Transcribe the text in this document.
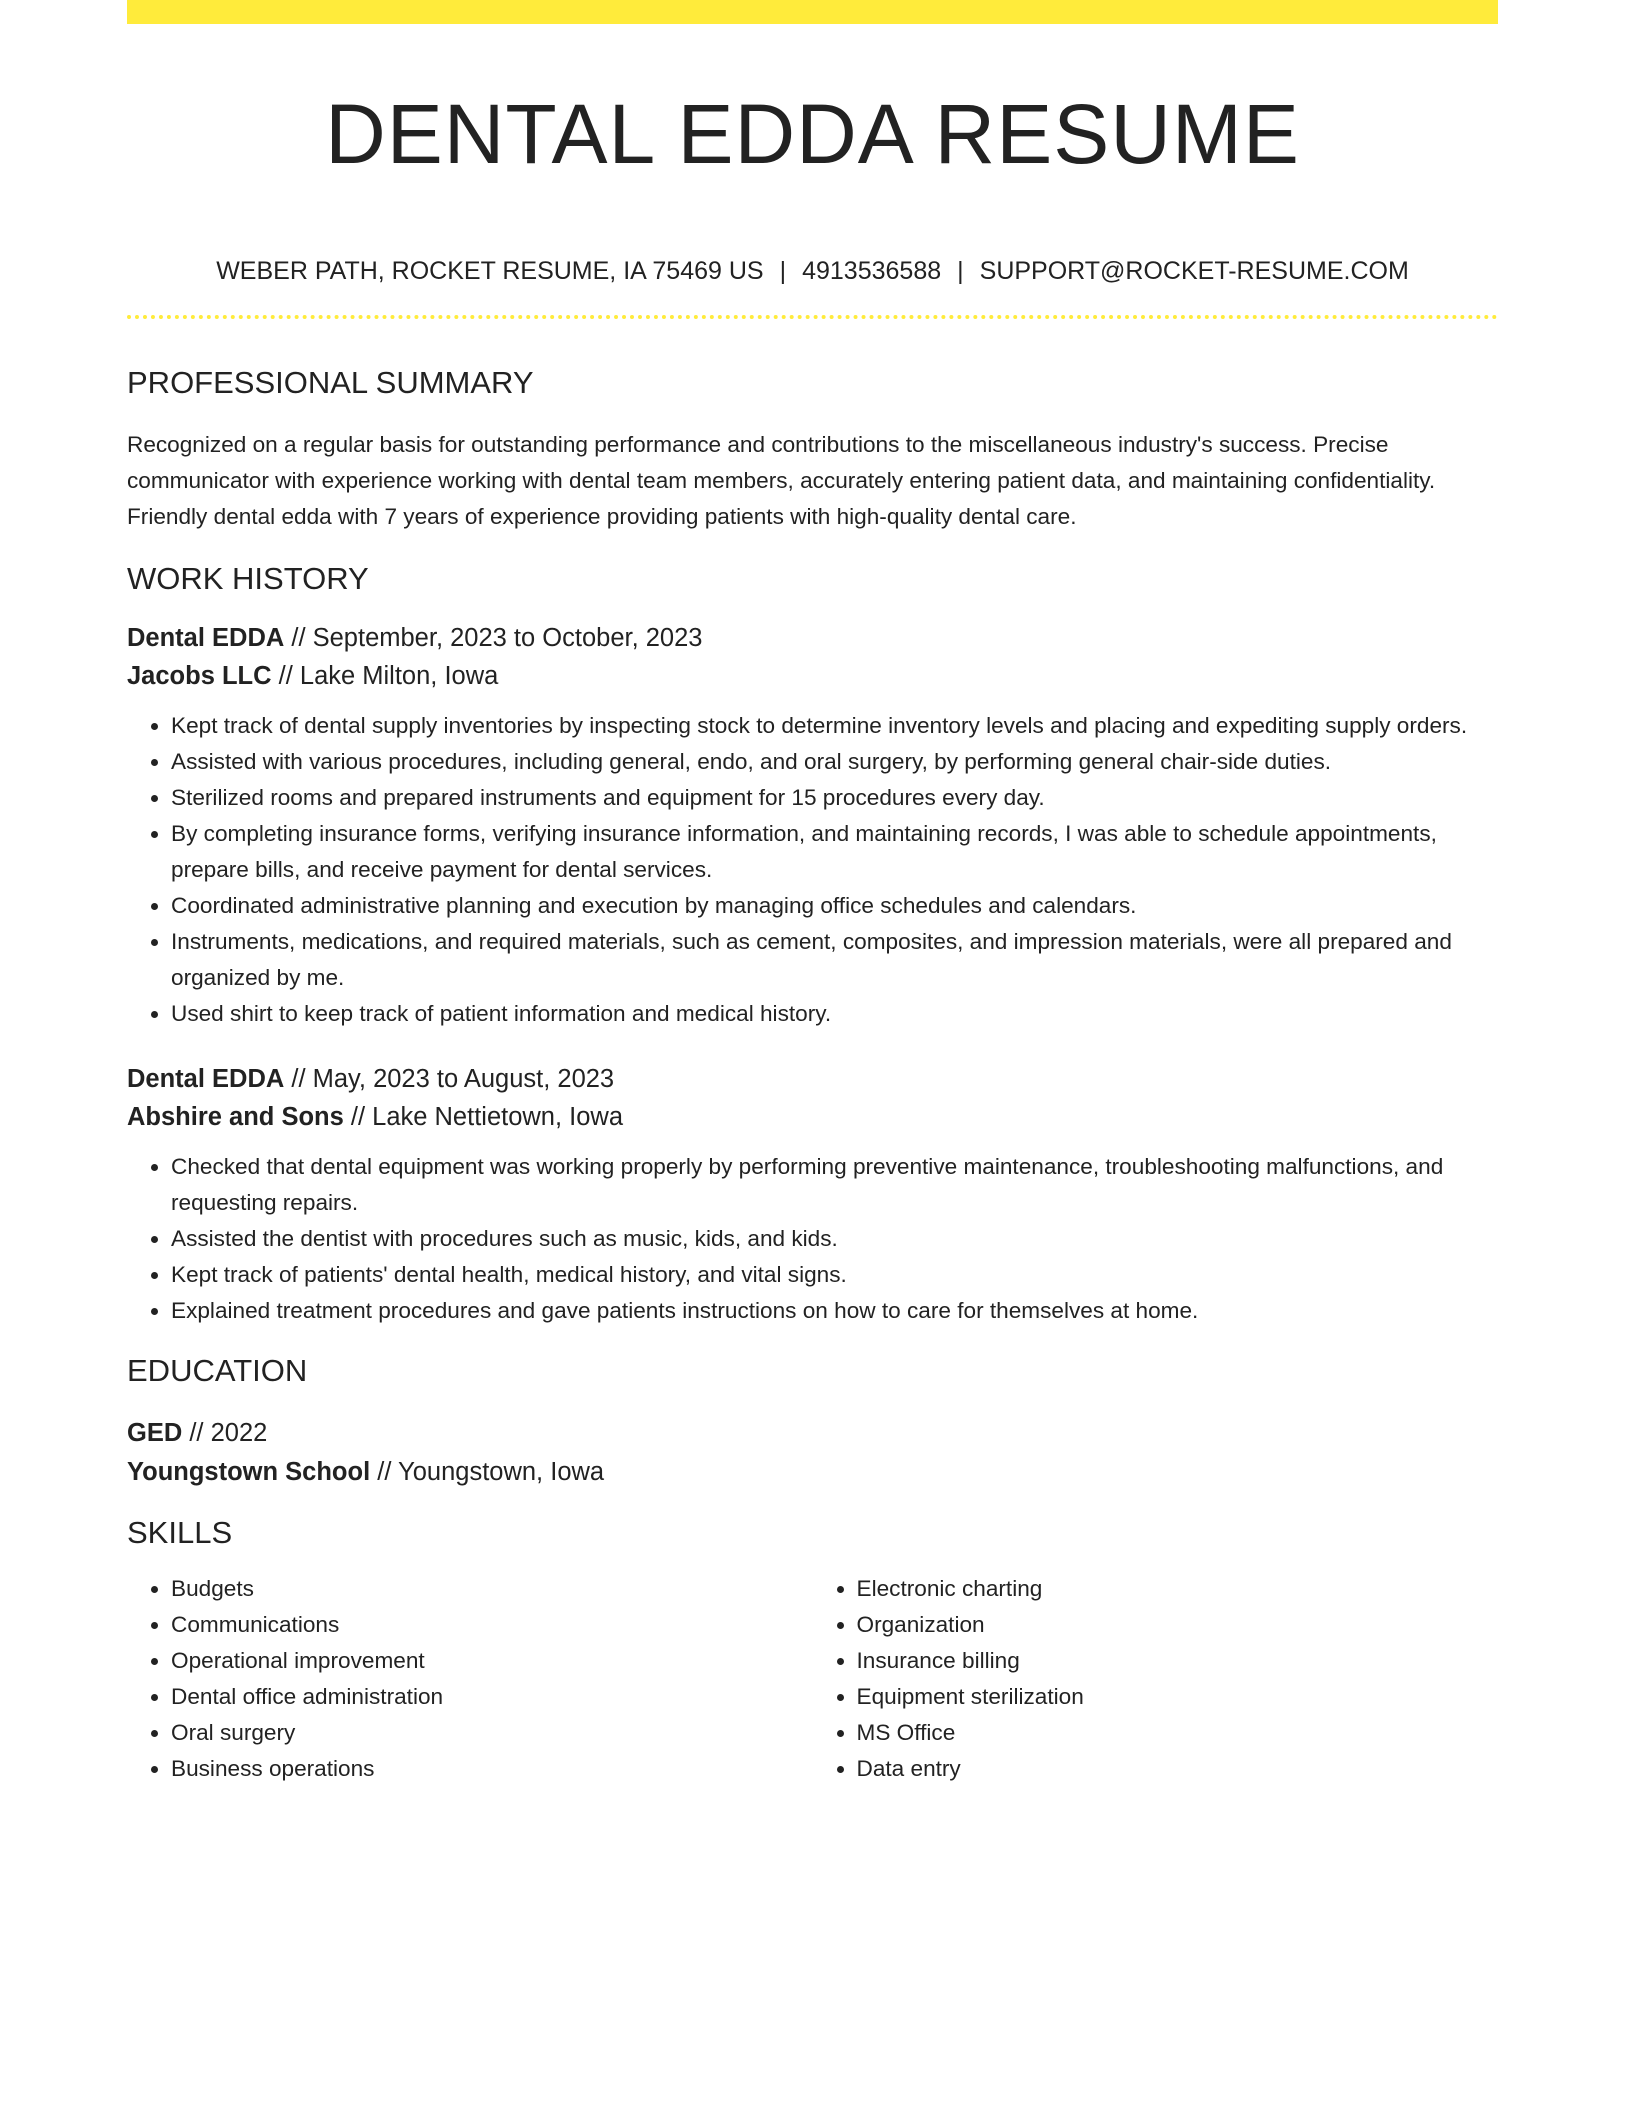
DENTAL EDDA RESUME
WEBER PATH, ROCKET RESUME, IA 75469 US | 4913536588 | SUPPORT@ROCKET-RESUME.COM
PROFESSIONAL SUMMARY
Recognized on a regular basis for outstanding performance and contributions to the miscellaneous industry's success. Precise communicator with experience working with dental team members, accurately entering patient data, and maintaining confidentiality. Friendly dental edda with 7 years of experience providing patients with high-quality dental care.
WORK HISTORY
Dental EDDA // September, 2023 to October, 2023
Jacobs LLC // Lake Milton, Iowa
• Kept track of dental supply inventories by inspecting stock to determine inventory levels and placing and expediting supply orders.
• Assisted with various procedures, including general, endo, and oral surgery, by performing general chair-side duties.
• Sterilized rooms and prepared instruments and equipment for 15 procedures every day.
• By completing insurance forms, verifying insurance information, and maintaining records, I was able to schedule appointments, prepare bills, and receive payment for dental services.
• Coordinated administrative planning and execution by managing office schedules and calendars.
• Instruments, medications, and required materials, such as cement, composites, and impression materials, were all prepared and organized by me.
• Used shirt to keep track of patient information and medical history.
Dental EDDA // May, 2023 to August, 2023
Abshire and Sons // Lake Nettietown, Iowa
• Checked that dental equipment was working properly by performing preventive maintenance, troubleshooting malfunctions, and requesting repairs.
• Assisted the dentist with procedures such as music, kids, and kids.
• Kept track of patients' dental health, medical history, and vital signs.
• Explained treatment procedures and gave patients instructions on how to care for themselves at home.
EDUCATION
GED // 2022
Youngstown School // Youngstown, Iowa
SKILLS
• Budgets
• Communications
• Operational improvement
• Dental office administration
• Oral surgery
• Business operations
• Electronic charting
• Organization
• Insurance billing
• Equipment sterilization
• MS Office
• Data entry
